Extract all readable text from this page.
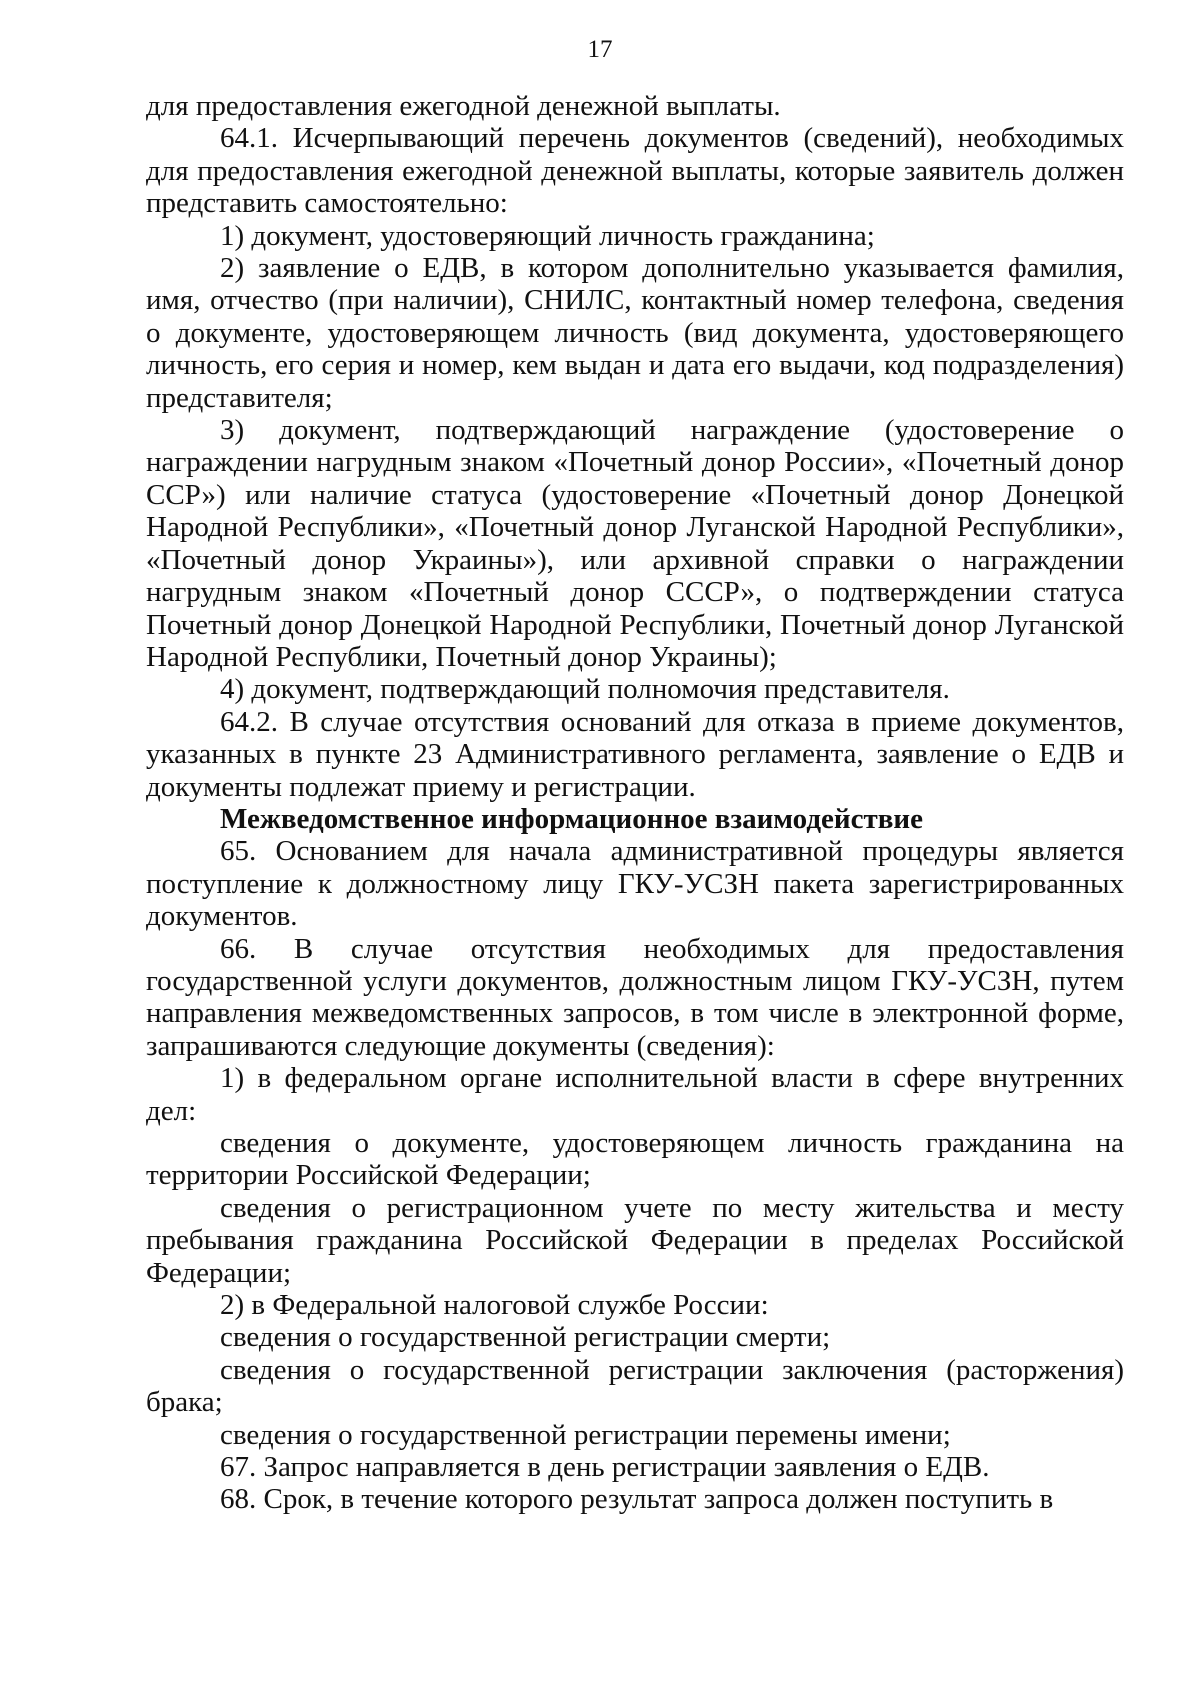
17

для предоставления ежегодной денежной выплаты.

64.1. Исчерпывающий перечень документов (сведений), необходимых для предоставления ежегодной денежной выплаты, которые заявитель должен представить самостоятельно:

1) документ, удостоверяющий личность гражданина;

2) заявление о ЕДВ, в котором дополнительно указывается фамилия, имя, отчество (при наличии), СНИЛС, контактный номер телефона, сведения о документе, удостоверяющем личность (вид документа, удостоверяющего личность, его серия и номер, кем выдан и дата его выдачи, код подразделения) представителя;

3) документ, подтверждающий награждение (удостоверение о награждении нагрудным знаком «Почетный донор России», «Почетный донор ССР») или наличие статуса (удостоверение «Почетный донор Донецкой Народной Республики», «Почетный донор Луганской Народной Республики», «Почетный донор Украины»), или архивной справки о награждении нагрудным знаком «Почетный донор СССР», о подтверждении статуса Почетный донор Донецкой Народной Республики, Почетный донор Луганской Народной Республики, Почетный донор Украины);

4) документ, подтверждающий полномочия представителя.

64.2. В случае отсутствия оснований для отказа в приеме документов, указанных в пункте 23 Административного регламента, заявление о ЕДВ и документы подлежат приему и регистрации.

Межведомственное информационное взаимодействие

65. Основанием для начала административной процедуры является поступление к должностному лицу ГКУ-УСЗН пакета зарегистрированных документов.

66. В случае отсутствия необходимых для предоставления государственной услуги документов, должностным лицом ГКУ-УСЗН, путем направления межведомственных запросов, в том числе в электронной форме, запрашиваются следующие документы (сведения):

1) в федеральном органе исполнительной власти в сфере внутренних дел:

сведения о документе, удостоверяющем личность гражданина на территории Российской Федерации;

сведения о регистрационном учете по месту жительства и месту пребывания гражданина Российской Федерации в пределах Российской Федерации;

2) в Федеральной налоговой службе России:

сведения о государственной регистрации смерти;

сведения о государственной регистрации заключения (расторжения) брака;

сведения о государственной регистрации перемены имени;

67. Запрос направляется в день регистрации заявления о ЕДВ.

68. Срок, в течение которого результат запроса должен поступить в
